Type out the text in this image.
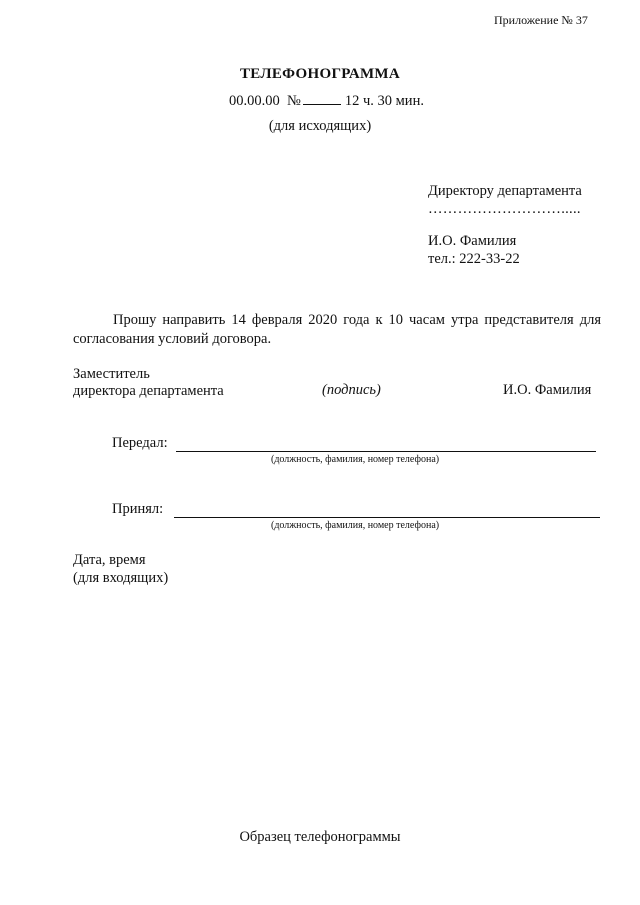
Приложение № 37
ТЕЛЕФОНОГРАММА
00.00.00 №	12 ч. 30 мин.
(для исходящих)
Директору департамента
……………………….....
И.О. Фамилия
тел.: 222-33-22
Прошу направить 14 февраля 2020 года к 10 часам утра представителя для согласования условий договора.
Заместитель
директора департамента	(подпись)	И.О. Фамилия
Передал:
(должность, фамилия, номер телефона)
Принял:
(должность, фамилия, номер телефона)
Дата, время
(для входящих)
Образец телефонограммы
